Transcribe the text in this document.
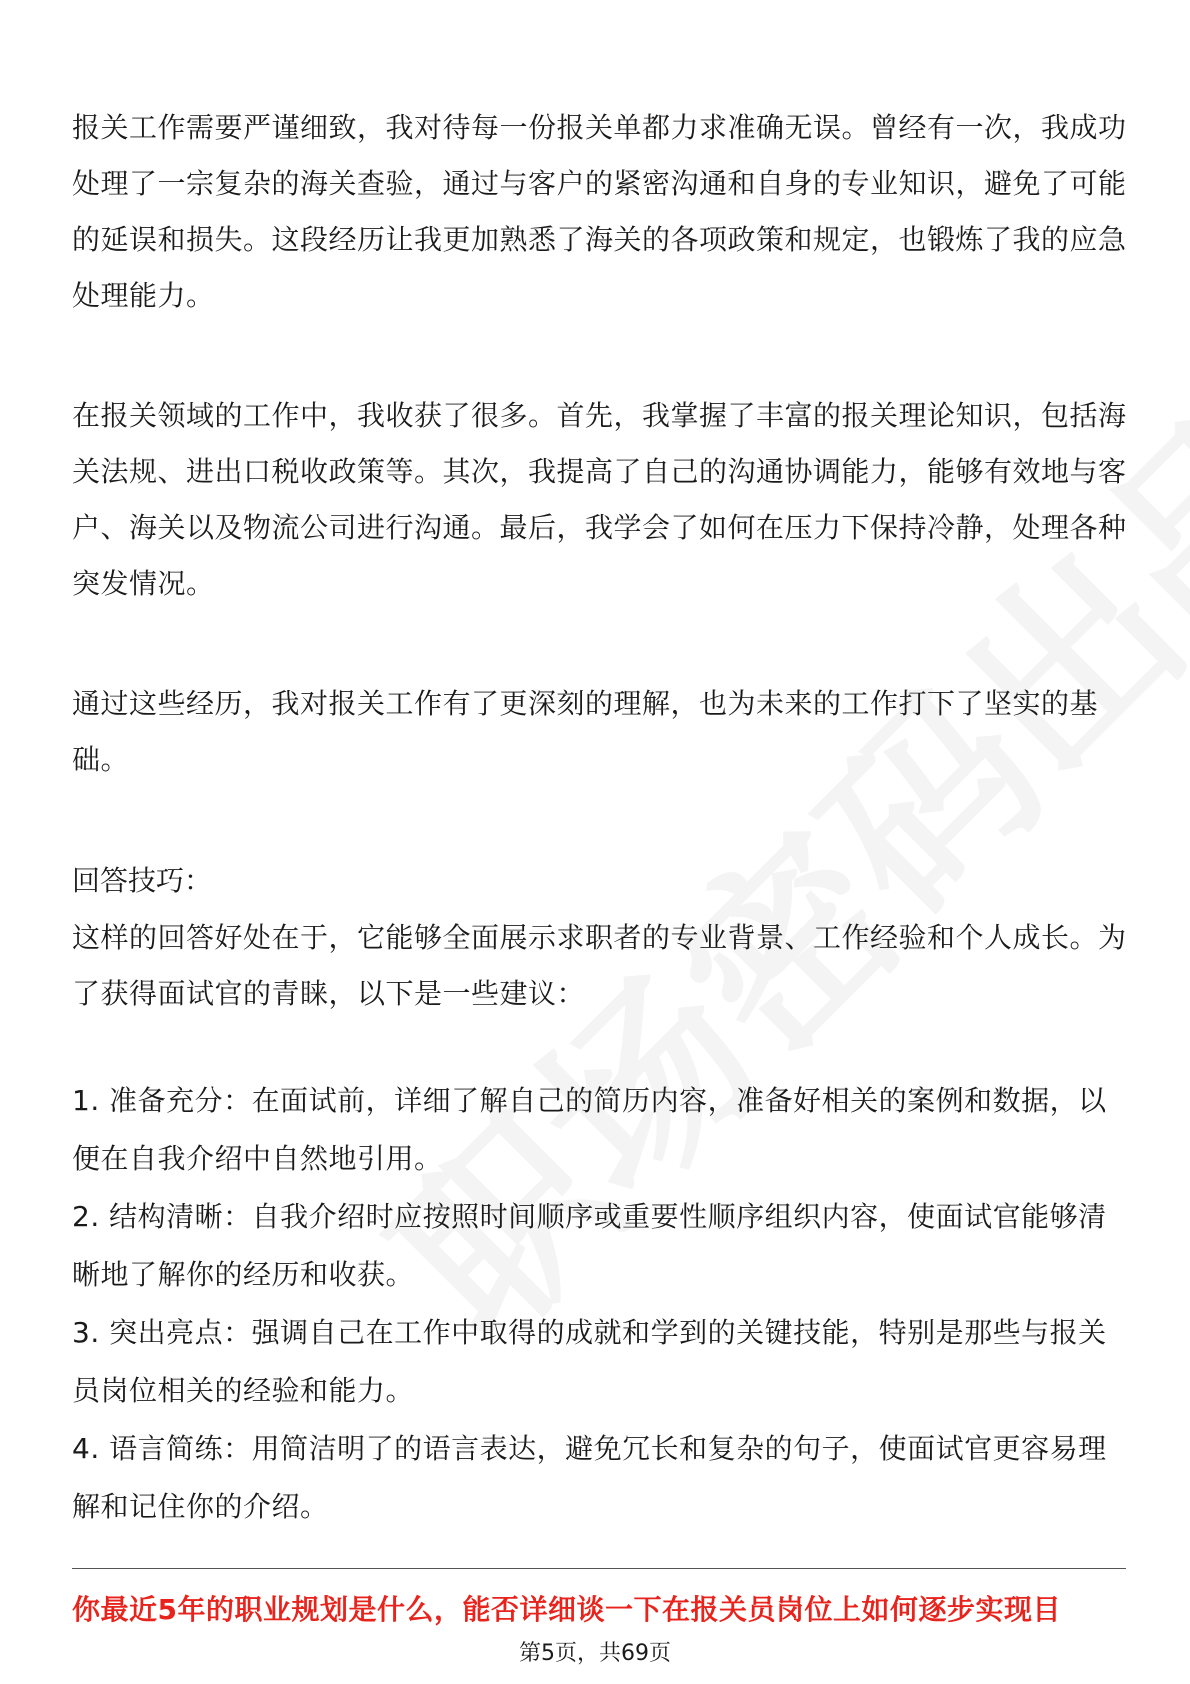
报关工作需要严谨细致，我对待每一份报关单都力求准确无误。曾经有一次，我成功处理了一宗复杂的海关查验，通过与客户的紧密沟通和自身的专业知识，避免了可能的延误和损失。这段经历让我更加熟悉了海关的各项政策和规定，也锻炼了我的应急处理能力。

在报关领域的工作中，我收获了很多。首先，我掌握了丰富的报关理论知识，包括海关法规、进出口税收政策等。其次，我提高了自己的沟通协调能力，能够有效地与客户、海关以及物流公司进行沟通。最后，我学会了如何在压力下保持冷静，处理各种突发情况。

通过这些经历，我对报关工作有了更深刻的理解，也为未来的工作打下了坚实的基础。

回答技巧：

这样的回答好处在于，它能够全面展示求职者的专业背景、工作经验和个人成长。为了获得面试官的青睐，以下是一些建议：

1. 准备充分：在面试前，详细了解自己的简历内容，准备好相关的案例和数据，以便在自我介绍中自然地引用。

2. 结构清晰：自我介绍时应按照时间顺序或重要性顺序组织内容，使面试官能够清晰地了解你的经历和收获。

3. 突出亮点：强调自己在工作中取得的成就和学到的关键技能，特别是那些与报关员岗位相关的经验和能力。

4. 语言简练：用简洁明了的语言表达，避免冗长和复杂的句子，使面试官更容易理解和记住你的介绍。

你最近5年的职业规划是什么，能否详细谈一下在报关员岗位上如何逐步实现目
第5页，共69页
